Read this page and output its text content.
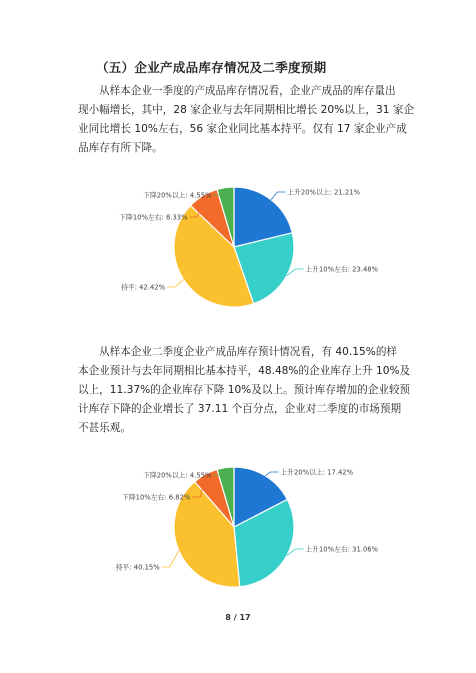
（五）企业产成品库存情况及二季度预期
从样本企业一季度的产成品库存情况看，企业产成品的库存量出
现小幅增长，其中，28 家企业与去年同期相比增长 20%以上，31 家企
业同比增长 10%左右，56 家企业同比基本持平。仅有 17 家企业产成
品库存有所下降。
上升20%以上: 21.21%
上升10%左右: 23.48%
持平: 42.42%
下降10%左右: 8.33%
下降20%以上: 4.55%
从样本企业二季度企业产成品库存预计情况看，有 40.15%的样
本企业预计与去年同期相比基本持平，48.48%的企业库存上升 10%及
以上，11.37%的企业库存下降 10%及以上。预计库存增加的企业较预
计库存下降的企业增长了 37.11 个百分点，企业对二季度的市场预期
不甚乐观。
上升20%以上: 17.42%
上升10%左右: 31.06%
持平: 40.15%
下降10%左右: 6.82%
下降20%以上: 4.55%
8 / 17
